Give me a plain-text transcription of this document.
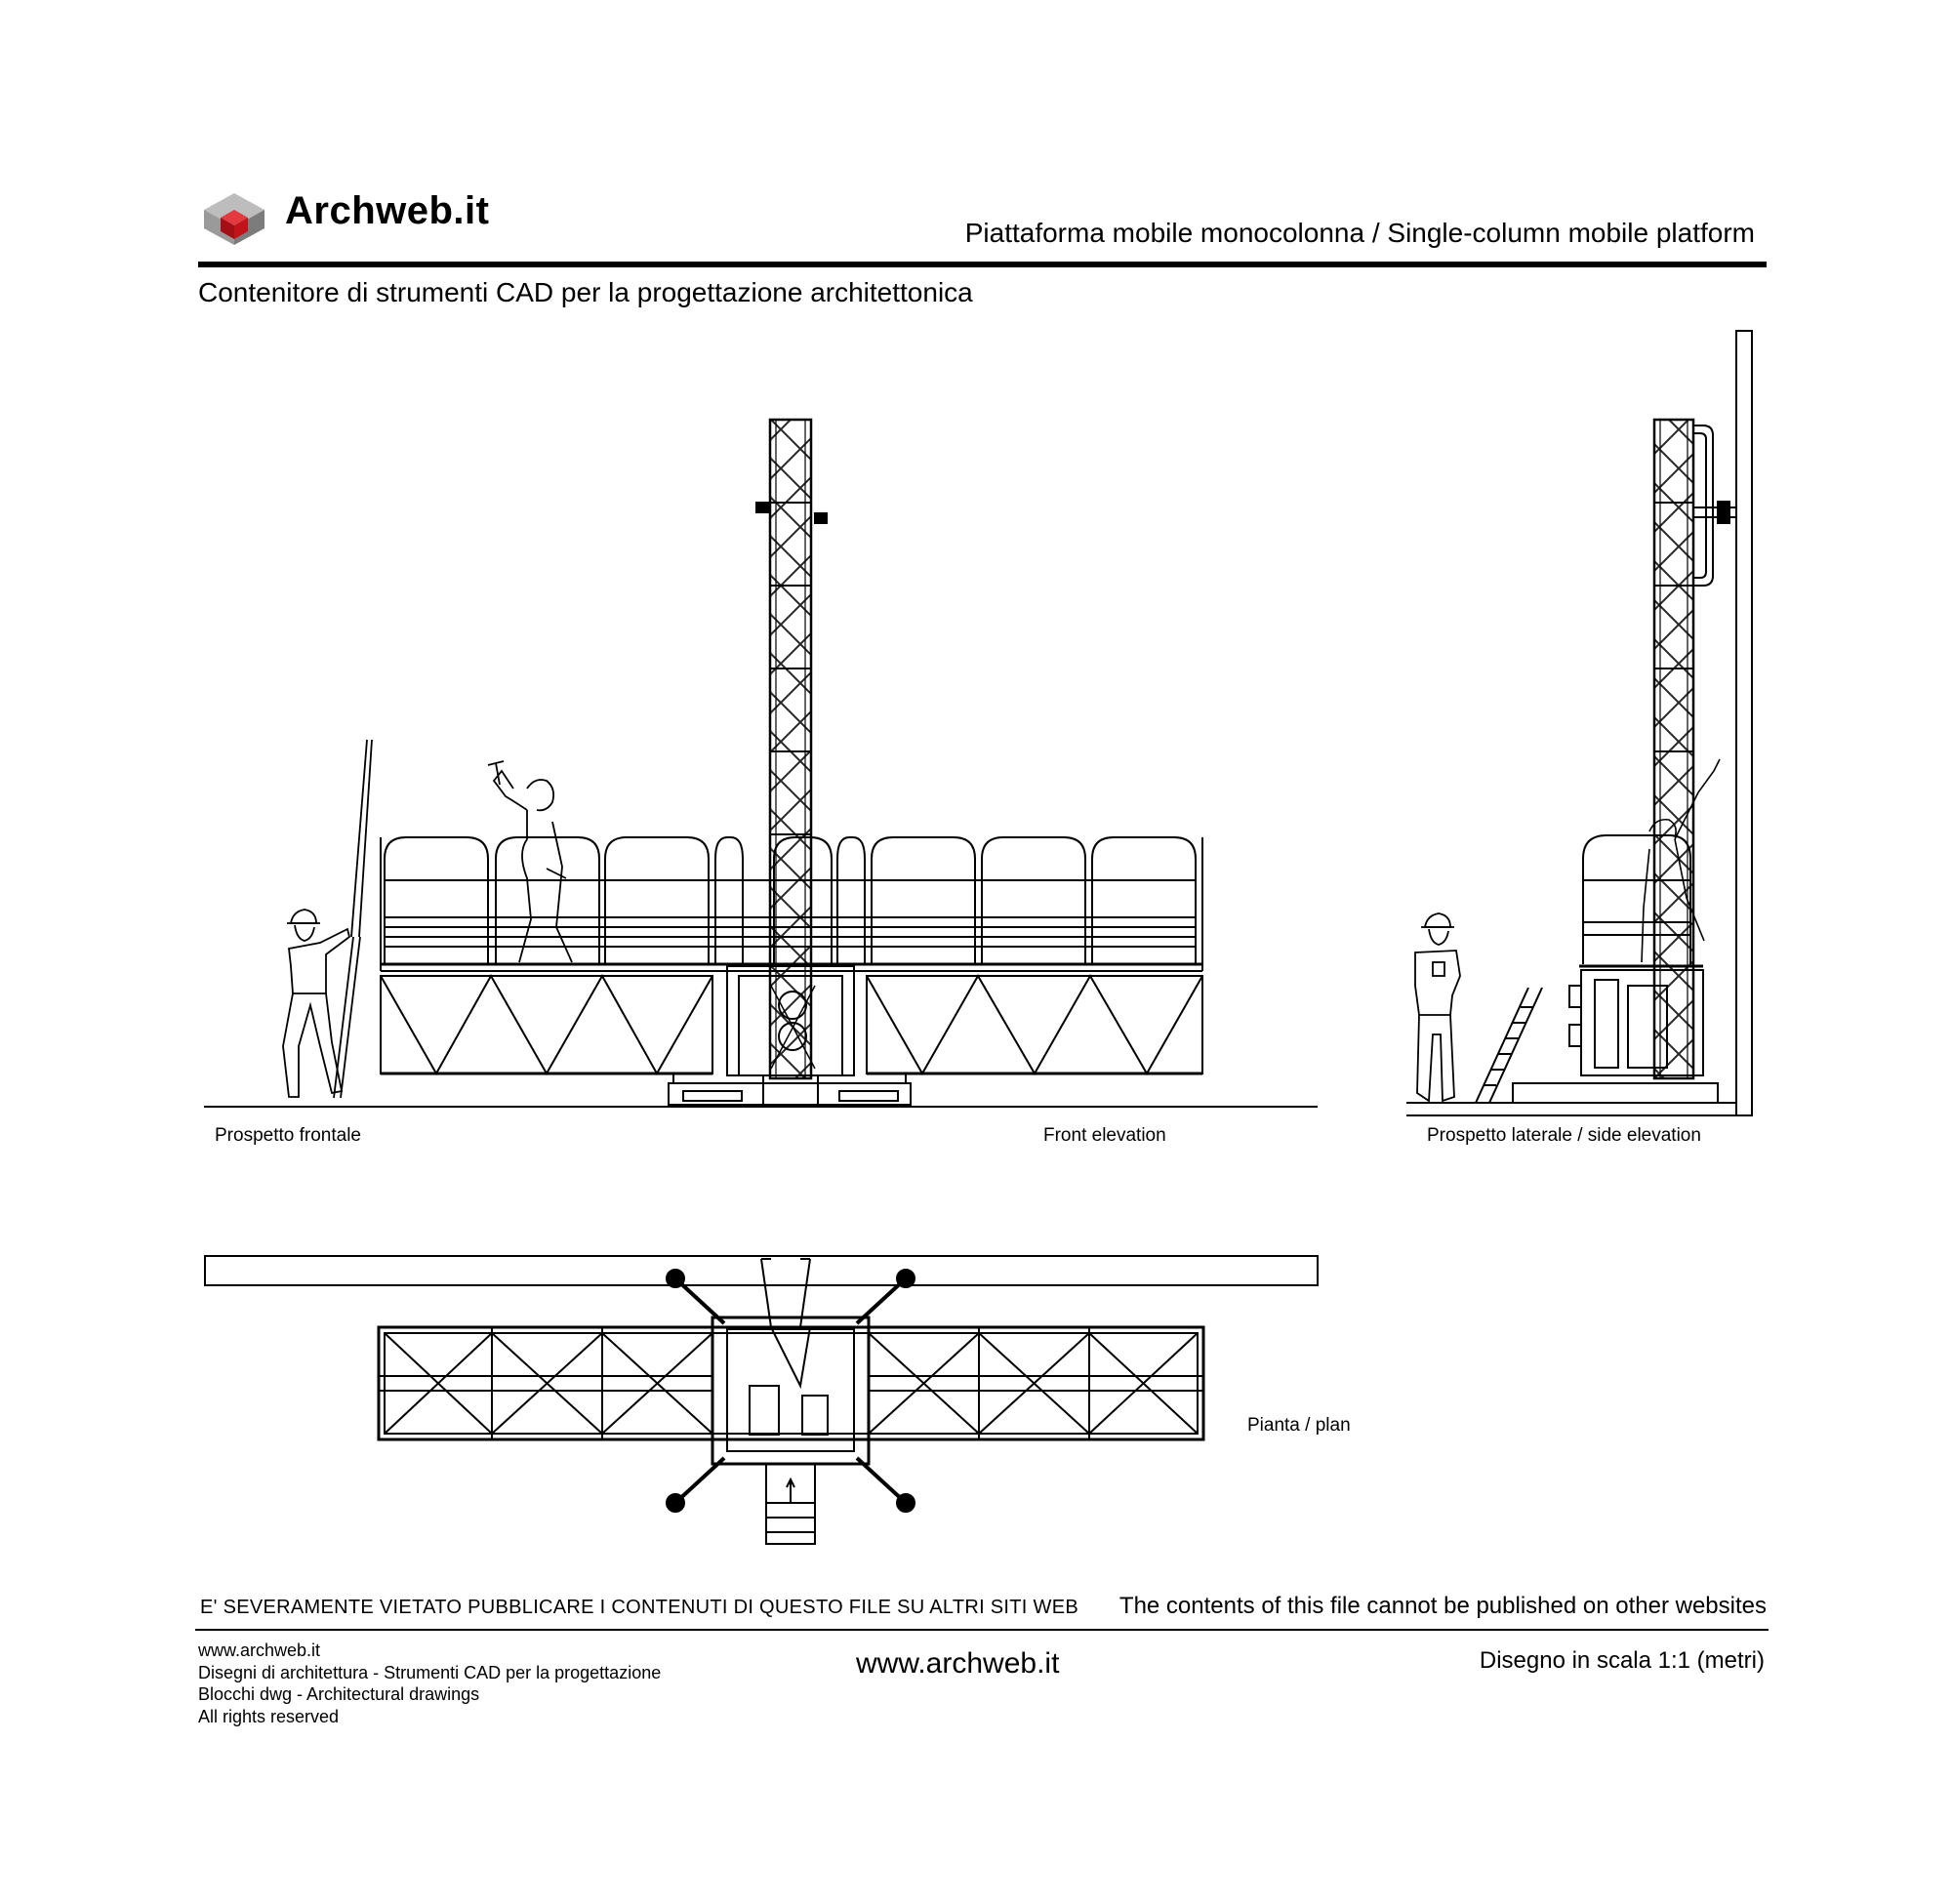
Archweb.it
Piattaforma mobile monocolonna / Single-column mobile platform
Contenitore di strumenti CAD per la progettazione architettonica
Prospetto frontale	Front elevation	Prospetto laterale / side elevation
Pianta / plan
E' SEVERAMENTE VIETATO PUBBLICARE I CONTENUTI DI QUESTO FILE SU ALTRI SITI WEB The contents of this file cannot be published on other websites
www.archweb.it
Disegni di architettura - Strumenti CAD per la progettazione
Blocchi dwg - Architectural drawings
All rights reserved
www.archweb.it	Disegno in scala 1:1 (metri)
